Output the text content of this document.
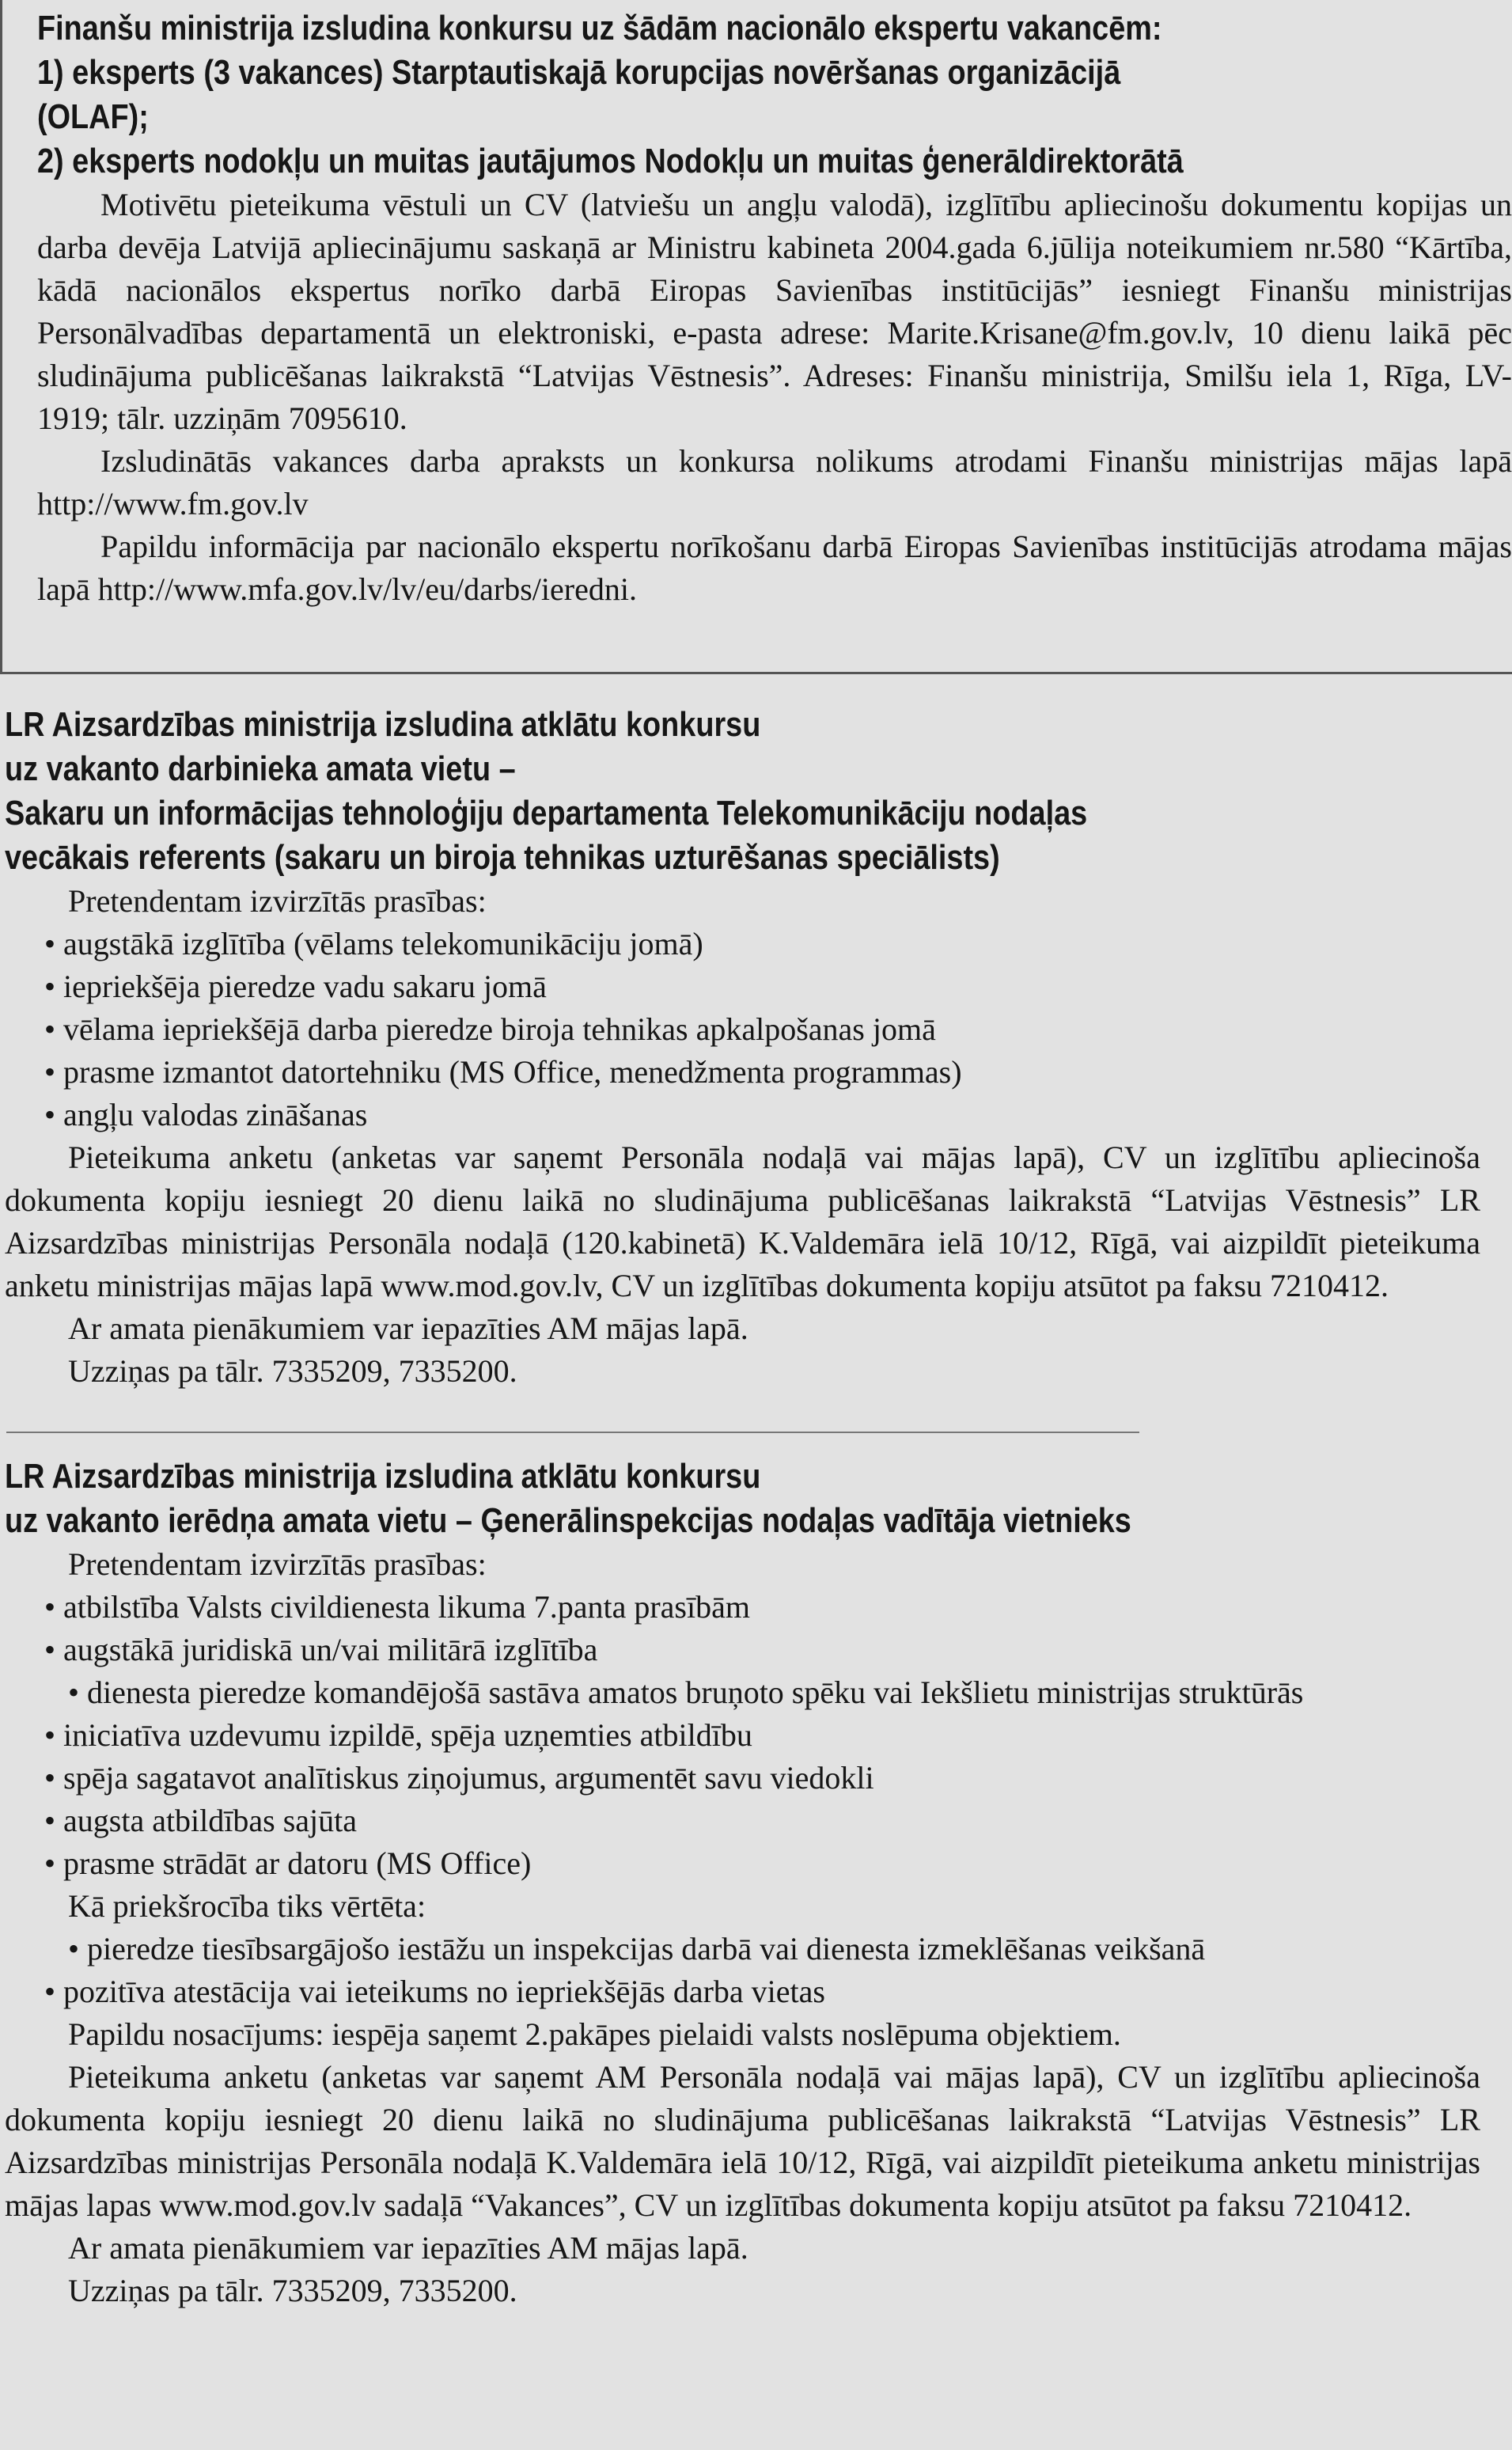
Finanšu ministrija izsludina konkursu uz šādām nacionālo ekspertu vakancēm:
1) eksperts (3 vakances) Starptautiskajā korupcijas novēršanas organizācijā
(OLAF);
2) eksperts nodokļu un muitas jautājumos Nodokļu un muitas ģenerāldirektorātā
Motivētu pieteikuma vēstuli un CV (latviešu un angļu valodā), izglītību apliecinošu dokumentu kopijas un darba devēja Latvijā apliecinājumu saskaņā ar Ministru kabineta 2004.gada 6.jūlija noteikumiem nr.580 “Kārtība, kādā nacionālos ekspertus norīko darbā Eiropas Savienības institūcijās” iesniegt Finanšu ministrijas Personālvadības departamentā un elektroniski, e-pasta adrese: Marite.Krisane@fm.gov.lv, 10 dienu laikā pēc sludinājuma publicēšanas laikrakstā “Latvijas Vēstnesis”. Adreses: Finanšu ministrija, Smilšu iela 1, Rīga, LV-1919; tālr. uzziņām 7095610.
Izsludinātās vakances darba apraksts un konkursa nolikums atrodami Finanšu ministrijas mājas lapā http://www.fm.gov.lv
Papildu informācija par nacionālo ekspertu norīkošanu darbā Eiropas Savienības institūcijās atrodama mājas lapā http://www.mfa.gov.lv/lv/eu/darbs/ieredni.
LR Aizsardzības ministrija izsludina atklātu konkursu
uz vakanto darbinieka amata vietu –
Sakaru un informācijas tehnoloģiju departamenta Telekomunikāciju nodaļas
vecākais referents (sakaru un biroja tehnikas uzturēšanas speciālists)
Pretendentam izvirzītās prasības:
• augstākā izglītība (vēlams telekomunikāciju jomā)
• iepriekšēja pieredze vadu sakaru jomā
• vēlama iepriekšējā darba pieredze biroja tehnikas apkalpošanas jomā
• prasme izmantot datortehniku (MS Office, menedžmenta programmas)
• angļu valodas zināšanas
Pieteikuma anketu (anketas var saņemt Personāla nodaļā vai mājas lapā), CV un izglītību apliecinoša dokumenta kopiju iesniegt 20 dienu laikā no sludinājuma publicēšanas laikrakstā “Latvijas Vēstnesis” LR Aizsardzības ministrijas Personāla nodaļā (120.kabinetā) K.Valdemāra ielā 10/12, Rīgā, vai aizpildīt pieteikuma anketu ministrijas mājas lapā www.mod.gov.lv, CV un izglītības dokumenta kopiju atsūtot pa faksu 7210412.
Ar amata pienākumiem var iepazīties AM mājas lapā.
Uzziņas pa tālr. 7335209, 7335200.
LR Aizsardzības ministrija izsludina atklātu konkursu
uz vakanto ierēdņa amata vietu – Ģenerālinspekcijas nodaļas vadītāja vietnieks
Pretendentam izvirzītās prasības:
• atbilstība Valsts civildienesta likuma 7.panta prasībām
• augstākā juridiskā un/vai militārā izglītība
• dienesta pieredze komandējošā sastāva amatos bruņoto spēku vai Iekšlietu ministrijas struktūrās
• iniciatīva uzdevumu izpildē, spēja uzņemties atbildību
• spēja sagatavot analītiskus ziņojumus, argumentēt savu viedokli
• augsta atbildības sajūta
• prasme strādāt ar datoru (MS Office)
Kā priekšrocība tiks vērtēta:
• pieredze tiesībsargājošo iestāžu un inspekcijas darbā vai dienesta izmeklēšanas veikšanā
• pozitīva atestācija vai ieteikums no iepriekšējās darba vietas
Papildu nosacījums: iespēja saņemt 2.pakāpes pielaidi valsts noslēpuma objektiem.
Pieteikuma anketu (anketas var saņemt AM Personāla nodaļā vai mājas lapā), CV un izglītību apliecinoša dokumenta kopiju iesniegt 20 dienu laikā no sludinājuma publicēšanas laikrakstā “Latvijas Vēstnesis” LR Aizsardzības ministrijas Personāla nodaļā K.Valdemāra ielā 10/12, Rīgā, vai aizpildīt pieteikuma anketu ministrijas mājas lapas www.mod.gov.lv sadaļā “Vakances”, CV un izglītības dokumenta kopiju atsūtot pa faksu 7210412.
Ar amata pienākumiem var iepazīties AM mājas lapā.
Uzziņas pa tālr. 7335209, 7335200.
